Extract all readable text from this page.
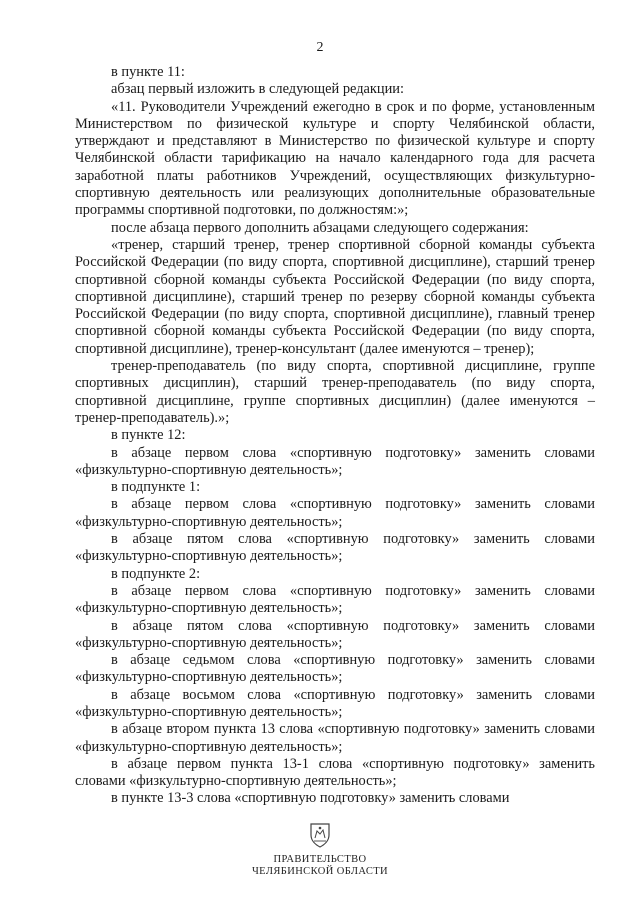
2

в пункте 11:

абзац первый изложить в следующей редакции:

«11. Руководители Учреждений ежегодно в срок и по форме, установленным Министерством по физической культуре и спорту Челябинской области, утверждают и представляют в Министерство по физической культуре и спорту Челябинской области тарификацию на начало календарного года для расчета заработной платы работников Учреждений, осуществляющих физкультурно-спортивную деятельность или реализующих дополнительные образовательные программы спортивной подготовки, по должностям:»;

после абзаца первого дополнить абзацами следующего содержания:

«тренер, старший тренер, тренер спортивной сборной команды субъекта Российской Федерации (по виду спорта, спортивной дисциплине), старший тренер спортивной сборной команды субъекта Российской Федерации (по виду спорта, спортивной дисциплине), старший тренер по резерву сборной команды субъекта Российской Федерации (по виду спорта, спортивной дисциплине), главный тренер спортивной сборной команды субъекта Российской Федерации (по виду спорта, спортивной дисциплине), тренер-консультант (далее именуются – тренер);

тренер-преподаватель (по виду спорта, спортивной дисциплине, группе спортивных дисциплин), старший тренер-преподаватель (по виду спорта, спортивной дисциплине, группе спортивных дисциплин) (далее именуются – тренер-преподаватель).»;

в пункте 12:

в абзаце первом слова «спортивную подготовку» заменить словами «физкультурно-спортивную деятельность»;

в подпункте 1:

в абзаце первом слова «спортивную подготовку» заменить словами «физкультурно-спортивную деятельность»;

в абзаце пятом слова «спортивную подготовку» заменить словами «физкультурно-спортивную деятельность»;

в подпункте 2:

в абзаце первом слова «спортивную подготовку» заменить словами «физкультурно-спортивную деятельность»;

в абзаце пятом слова «спортивную подготовку» заменить словами «физкультурно-спортивную деятельность»;

в абзаце седьмом слова «спортивную подготовку» заменить словами «физкультурно-спортивную деятельность»;

в абзаце восьмом слова «спортивную подготовку» заменить словами «физкультурно-спортивную деятельность»;

в абзаце втором пункта 13 слова «спортивную подготовку» заменить словами «физкультурно-спортивную деятельность»;

в абзаце первом пункта 13-1 слова «спортивную подготовку» заменить словами «физкультурно-спортивную деятельность»;

в пункте 13-3 слова «спортивную подготовку» заменить словами

ПРАВИТЕЛЬСТВО
ЧЕЛЯБИНСКОЙ ОБЛАСТИ
